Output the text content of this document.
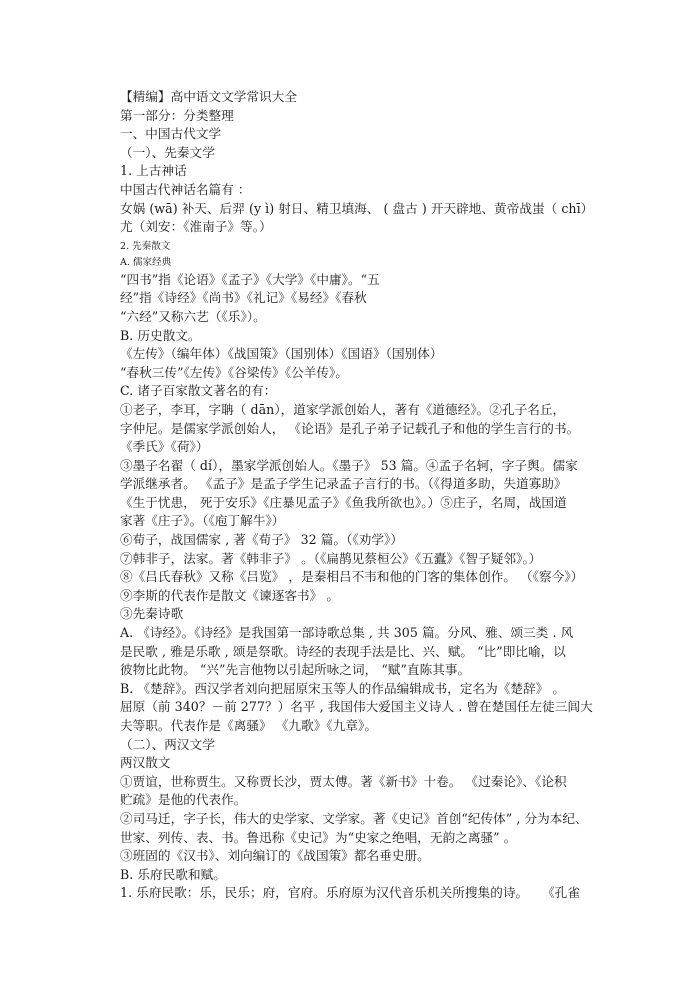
【精编】高中语文文学常识大全
第一部分：分类整理
一、中国古代文学
（一）、先秦文学
1. 上古神话
中国古代神话名篇有 ：
女娲 (wā) 补天、后羿 (y ì) 射日、精卫填海、 ( 盘古 ) 开天辟地、黄帝战蚩（ chī）
尤（刘安：《淮南子》等。）
2. 先秦散文
A. 儒家经典
“四书”指《论语》《孟子》《大学》《中庸》。“五
经”指《诗经》《尚书》《礼记》《易经》《春秋
“六经”又称六艺（《乐》）。
B. 历史散文。
《左传》（编年体）《战国策》（国别体）《国语》（国别体）
“春秋三传”《左传》《谷梁传》《公羊传》。
C. 诸子百家散文著名的有：
①老子，李耳，字聃（ dān），道家学派创始人，著有《道德经》。②孔子名丘，
字仲尼。是儒家学派创始人， 《论语》是孔子弟子记载孔子和他的学生言行的书。
《季氏》《荷》）
③墨子名翟（ dí），墨家学派创始人。《墨子》 53 篇。④孟子名轲，字子舆。儒家
学派继承者。 《孟子》是孟子学生记录孟子言行的书。（《得道多助，失道寡助》
《生于忧患， 死于安乐》《庄暴见孟子》《鱼我所欲也》。）⑤庄子，名周，战国道
家著《庄子》。（《庖丁解牛》）
⑥荀子，战国儒家 , 著《荀子》 32 篇。（《劝学》）
⑦韩非子，法家。著《韩非子》 。（《扁鹊见蔡桓公》《五蠹》《智子疑邻》。）
⑧《吕氏春秋》又称《吕览》 ，是秦相吕不韦和他的门客的集体创作。 （《察今》）
⑨李斯的代表作是散文《谏逐客书》 。
③先秦诗歌
A. 《诗经》。《诗经》是我国第一部诗歌总集 , 共 305 篇。分风、雅、颂三类 . 风
是民歌 , 雅是乐歌 , 颂是祭歌。诗经的表现手法是比、兴、赋。 “比”即比喻，以
彼物比此物。 “兴”先言他物以引起所咏之词， “赋”直陈其事。
B. 《楚辞》。西汉学者刘向把屈原宋玉等人的作品编辑成书，定名为《楚辞》 。
屈原（前 340？－前 277？）名平 , 我国伟大爱国主义诗人 . 曾在楚国任左徒三闾大
夫等职。代表作是《离骚》 《九歌》《九章》。
（二）、两汉文学
两汉散文
①贾谊，世称贾生。又称贾长沙，贾太傅。著《新书》十卷。 《过秦论》、《论积
贮疏》是他的代表作。
②司马迁，字子长，伟大的史学家、文学家。著《史记》首创“纪传体” , 分为本纪、
世家、列传、表、书。鲁迅称《史记》为“史家之绝唱，无韵之离骚” 。
③班固的《汉书》、刘向编订的《战国策》都名垂史册。
B. 乐府民歌和赋。
1. 乐府民歌：乐，民乐；府，官府。乐府原为汉代音乐机关所搜集的诗。 《孔雀
